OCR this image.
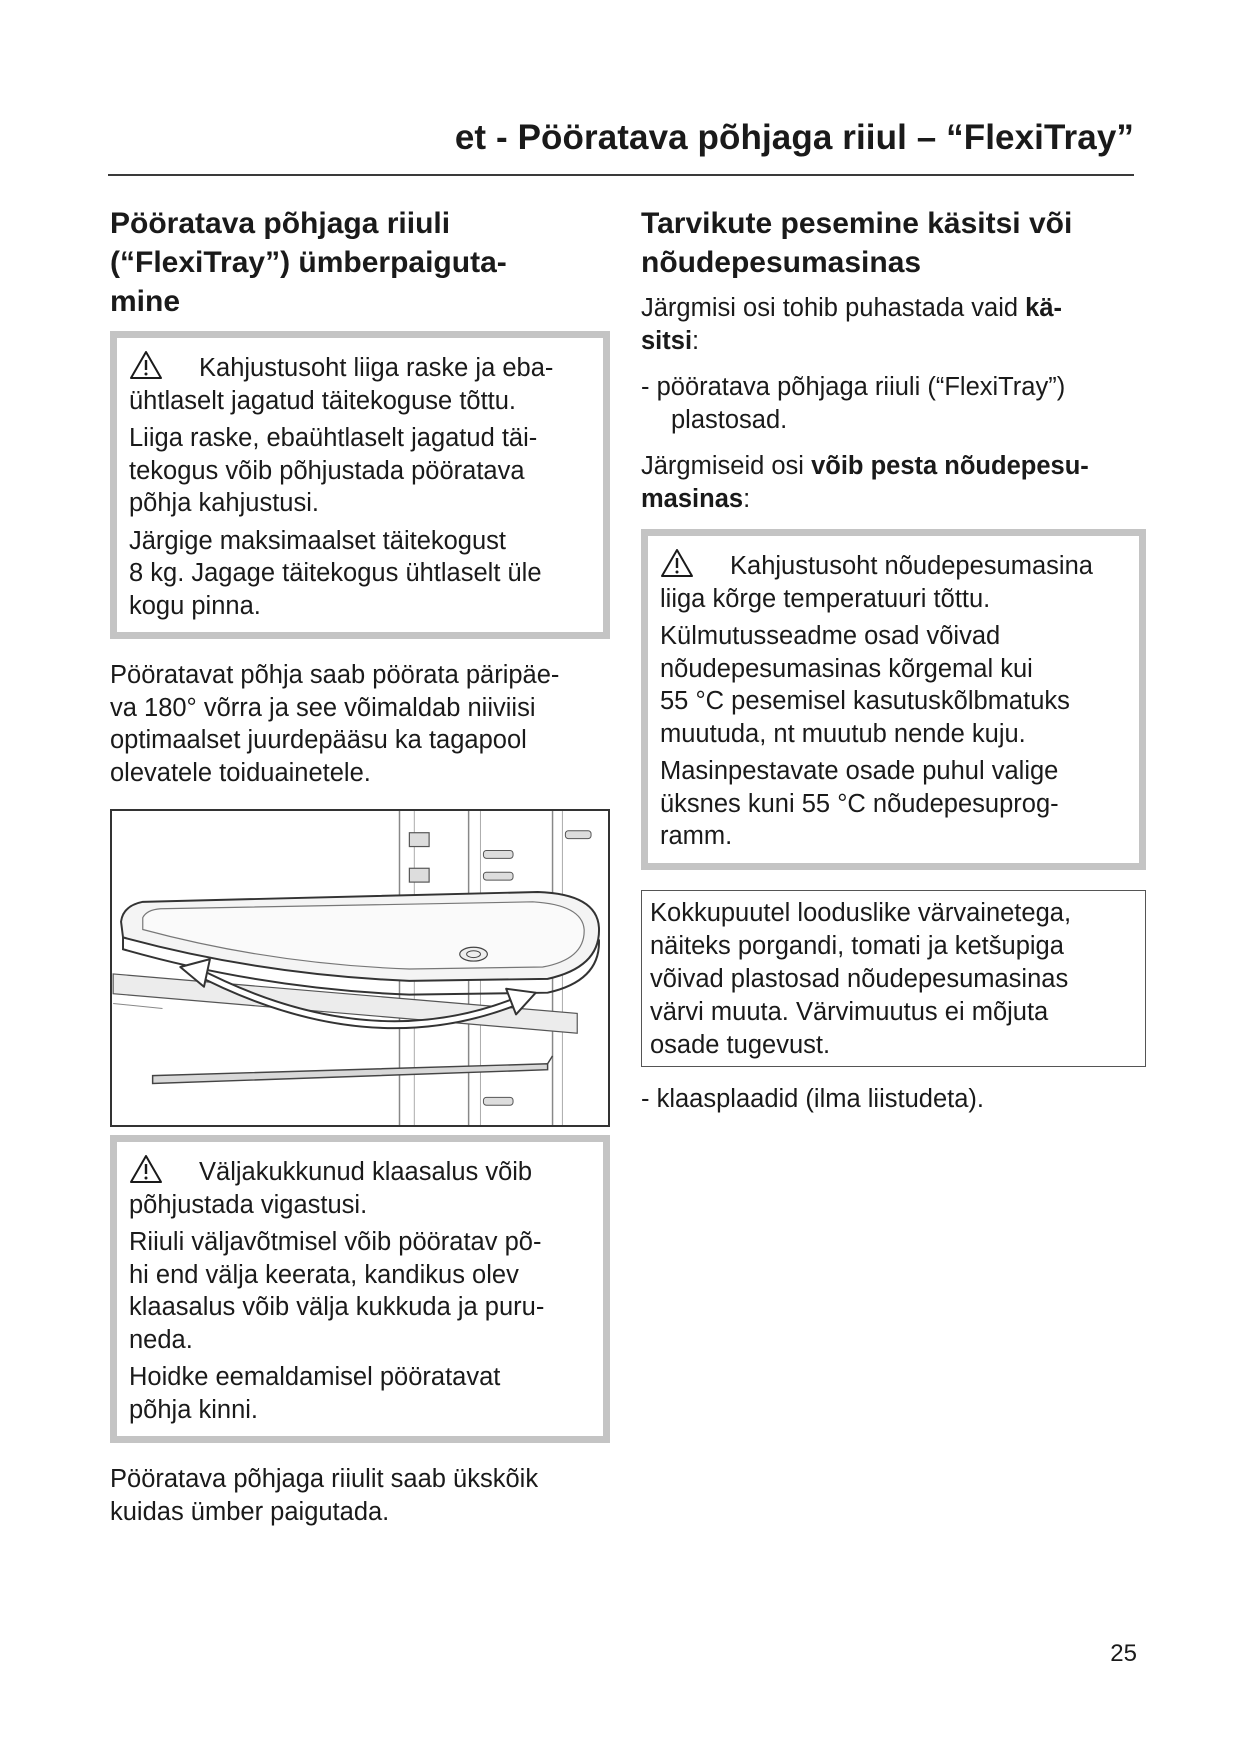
et - Pööratava põhjaga riiul – “FlexiTray”
Pööratava põhjaga riiuli
(“FlexiTray”) ümberpaiguta-
mine

Kahjustusoht liiga raske ja eba-
ühtlaselt jagatud täitekoguse tõttu.

Liiga raske, ebaühtlaselt jagatud täi-
tekogus võib põhjustada pööratava
põhja kahjustusi.

Järgige maksimaalset täitekogust
8 kg. Jagage täitekogus ühtlaselt üle
kogu pinna.

Pööratavat põhja saab pöörata päripäe-
va 180° võrra ja see võimaldab niiviisi
optimaalset juurdepääsu ka tagapool
olevatele toiduainetele.

Väljakukkunud klaasalus võib
põhjustada vigastusi.

Riiuli väljavõtmisel võib pööratav põ-
hi end välja keerata, kandikus olev
klaasalus võib välja kukkuda ja puru-
neda.

Hoidke eemaldamisel pööratavat
põhja kinni.

Pööratava põhjaga riiulit saab ükskõik
kuidas ümber paigutada.

Tarvikute pesemine käsitsi või
nõudepesumasinas

Järgmisi osi tohib puhastada vaid kä-
sitsi:

- pööratava põhjaga riiuli (“FlexiTray”)
plastosad.

Järgmiseid osi võib pesta nõudepesu-
masinas:

Kahjustusoht nõudepesumasina
liiga kõrge temperatuuri tõttu.

Külmutusseadme osad võivad
nõudepesumasinas kõrgemal kui
55 °C pesemisel kasutuskõlbmatuks
muutuda, nt muutub nende kuju.

Masinpestavate osade puhul valige
üksnes kuni 55 °C nõudepesuprog-
ramm.

Kokkupuutel looduslike värvainetega,
näiteks porgandi, tomati ja ketšupiga
võivad plastosad nõudepesumasinas
värvi muuta. Värvimuutus ei mõjuta
osade tugevust.

- klaasplaadid (ilma liistudeta).
25
